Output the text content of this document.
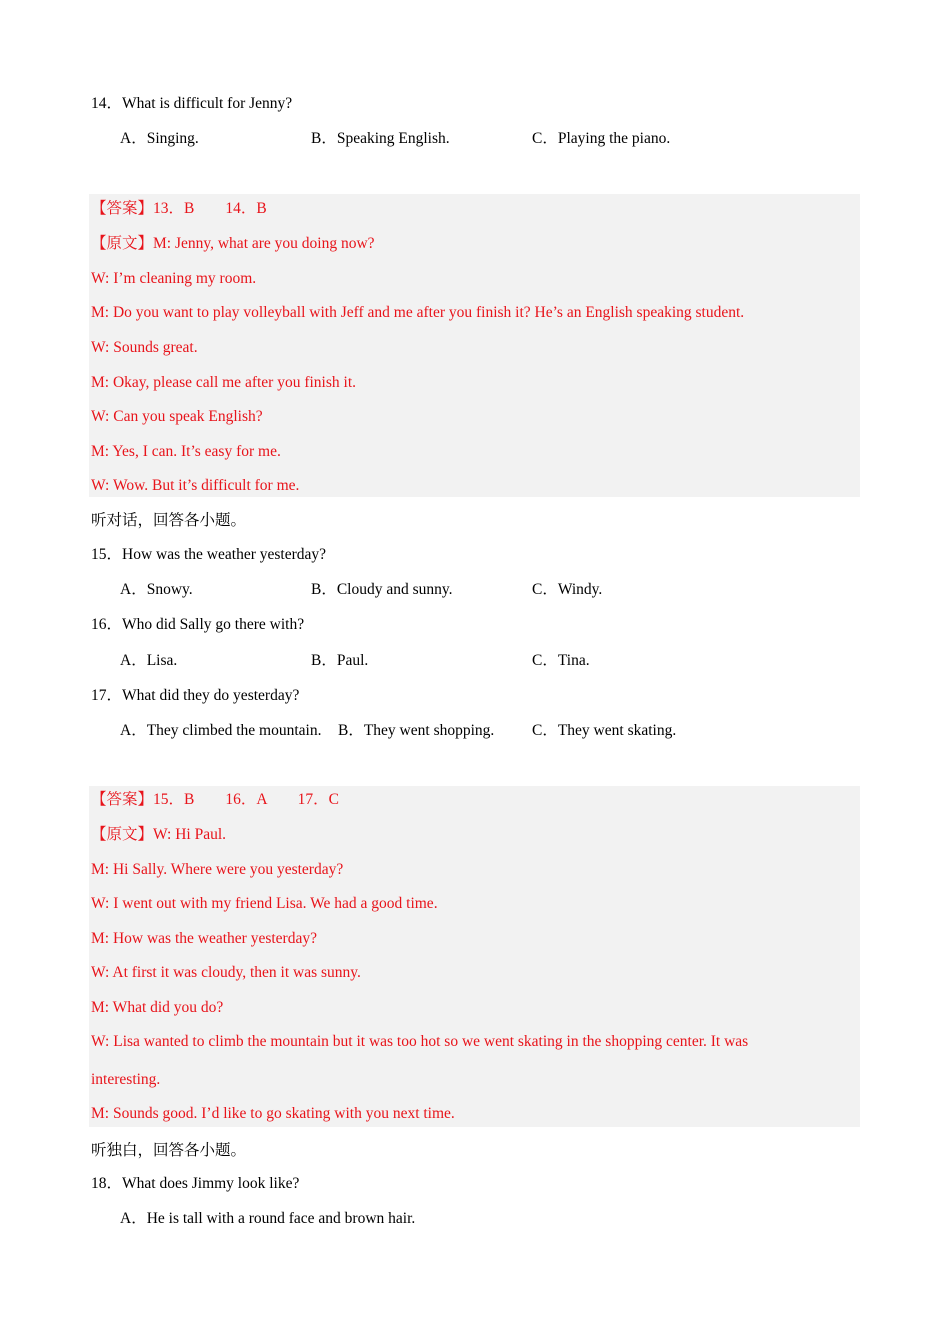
14．What is difficult for Jenny?
A．Singing.	B．Speaking English.	C．Playing the piano.
【答案】13．B　　14．B
【原文】M: Jenny, what are you doing now?
W: I’m cleaning my room.
M: Do you want to play volleyball with Jeff and me after you finish it? He’s an English speaking student.
W: Sounds great.
M: Okay, please call me after you finish it.
W: Can you speak English?
M: Yes, I can. It’s easy for me.
W: Wow. But it’s difficult for me.
听对话，回答各小题。
15．How was the weather yesterday?
A．Snowy.	B．Cloudy and sunny.	C．Windy.
16．Who did Sally go there with?
A．Lisa.	B．Paul.	C．Tina.
17．What did they do yesterday?
A．They climbed the mountain. B．They went shopping. C．They went skating.
【答案】15．B　　16．A　　17．C
【原文】W: Hi Paul.
M: Hi Sally. Where were you yesterday?
W: I went out with my friend Lisa. We had a good time.
M: How was the weather yesterday?
W: At first it was cloudy, then it was sunny.
M: What did you do?
W: Lisa wanted to climb the mountain but it was too hot so we went skating in the shopping center. It was
interesting.
M: Sounds good. I’d like to go skating with you next time.
听独白，回答各小题。
18．What does Jimmy look like?
A．He is tall with a round face and brown hair.
